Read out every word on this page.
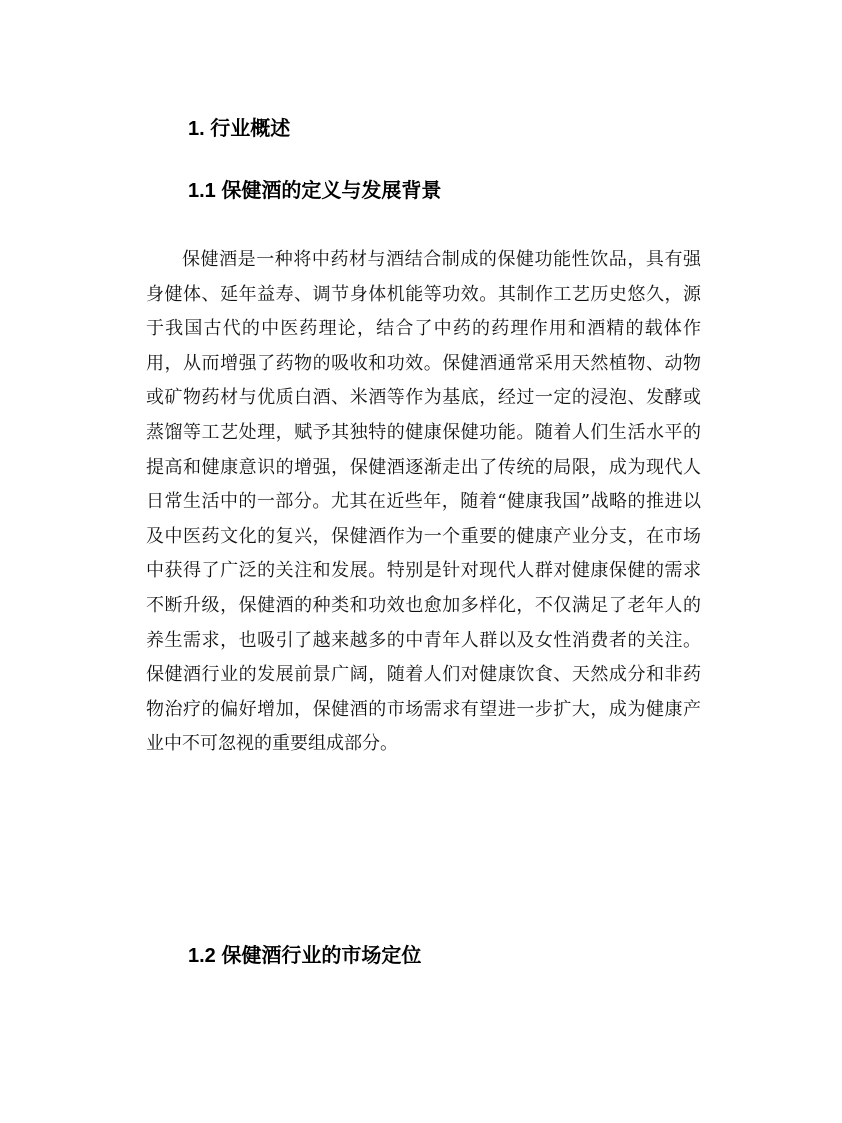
1. 行业概述
1.1 保健酒的定义与发展背景

保健酒是一种将中药材与酒结合制成的保健功能性饮品，具有强身健体、延年益寿、调节身体机能等功效。其制作工艺历史悠久，源于我国古代的中医药理论，结合了中药的药理作用和酒精的载体作用，从而增强了药物的吸收和功效。保健酒通常采用天然植物、动物或矿物药材与优质白酒、米酒等作为基底，经过一定的浸泡、发酵或蒸馏等工艺处理，赋予其独特的健康保健功能。随着人们生活水平的提高和健康意识的增强，保健酒逐渐走出了传统的局限，成为现代人日常生活中的一部分。尤其在近些年，随着“健康我国”战略的推进以及中医药文化的复兴，保健酒作为一个重要的健康产业分支，在市场中获得了广泛的关注和发展。特别是针对现代人群对健康保健的需求不断升级，保健酒的种类和功效也愈加多样化，不仅满足了老年人的养生需求，也吸引了越来越多的中青年人群以及女性消费者的关注。保健酒行业的发展前景广阔，随着人们对健康饮食、天然成分和非药物治疗的偏好增加，保健酒的市场需求有望进一步扩大，成为健康产业中不可忽视的重要组成部分。

1.2 保健酒行业的市场定位
